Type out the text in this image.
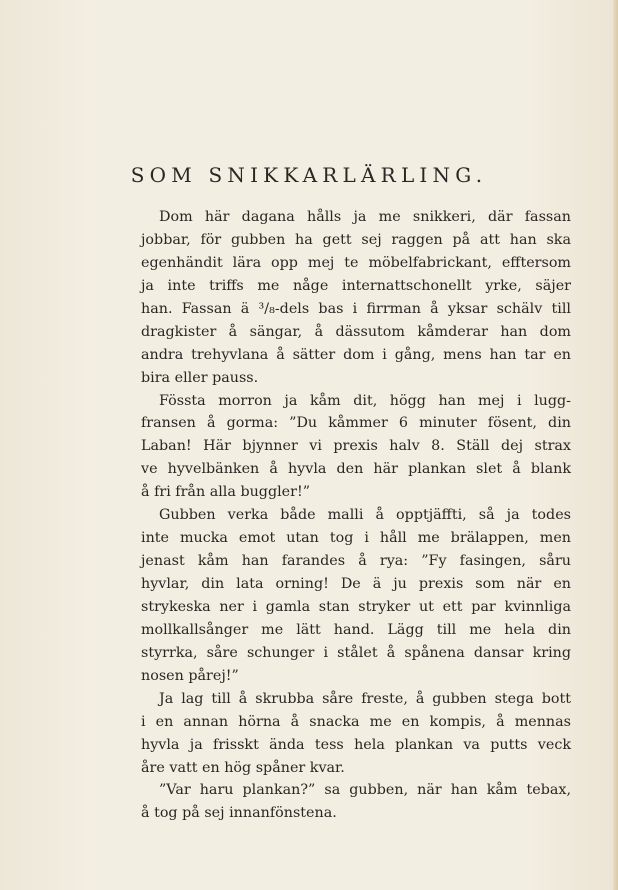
SOM SNIKKARLÄRLING.
Dom här dagana hålls ja me snikkeri, där fassan
jobbar, för gubben ha gett sej raggen på att han ska
egenhändit lära opp mej te möbelfabrickant, efftersom
ja inte triffs me någe internattschonellt yrke, säjer
han. Fassan ä ³/₈-dels bas i firrman å yksar schälv till
dragkister å sängar, å dässutom kåmderar han dom
andra trehyvlana å sätter dom i gång, mens han tar en
bira eller pauss.
Fössta morron ja kåm dit, högg han mej i lugg-
fransen å gorma: ”Du kåmmer 6 minuter fösent, din
Laban! Här bjynner vi prexis halv 8. Ställ dej strax
ve hyvelbänken å hyvla den här plankan slet å blank
å fri från alla buggler!”
Gubben verka både malli å opptjäffti, så ja todes
inte mucka emot utan tog i håll me brälappen, men
jenast kåm han farandes å rya: ”Fy fasingen, såru
hyvlar, din lata orning! De ä ju prexis som när en
strykeska ner i gamla stan stryker ut ett par kvinnliga
mollkallsånger me lätt hand. Lägg till me hela din
styrrka, såre schunger i stålet å spånena dansar kring
nosen pårej!”
Ja lag till å skrubba såre freste, å gubben stega bott
i en annan hörna å snacka me en kompis, å mennas
hyvla ja frisskt ända tess hela plankan va putts veck
åre vatt en hög spåner kvar.
”Var haru plankan?” sa gubben, när han kåm tebax,
å tog på sej innanfönstena.
